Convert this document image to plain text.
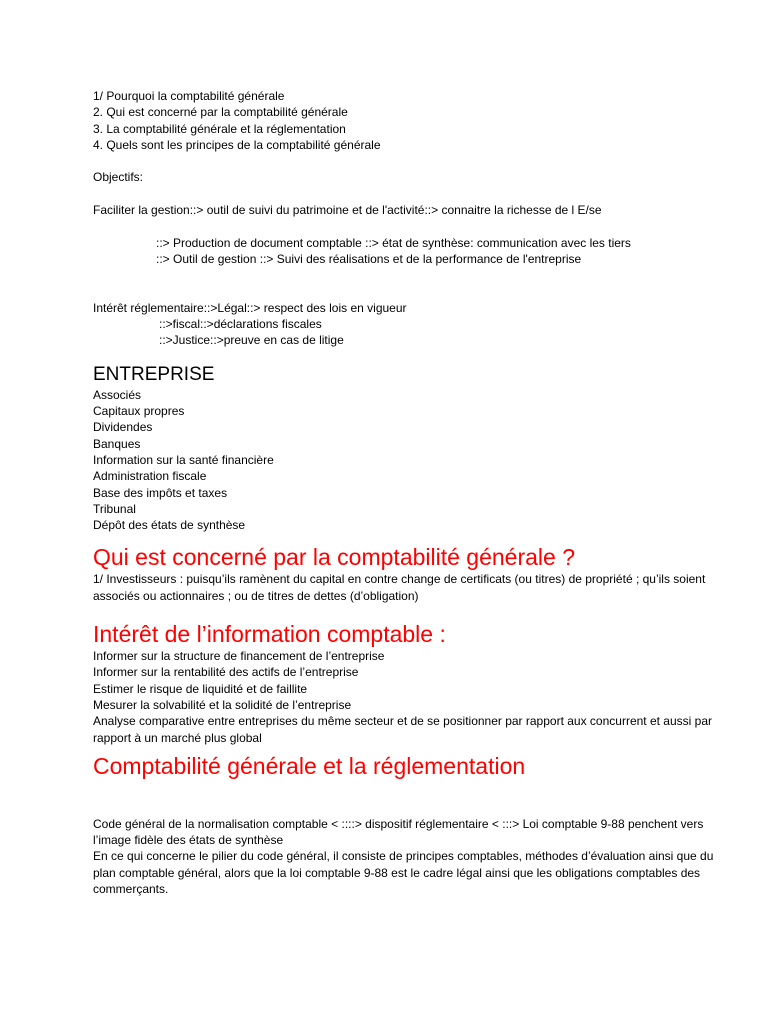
1/ Pourquoi la comptabilité générale
2. Qui est concerné par la comptabilité générale
3. La comptabilité générale et la réglementation
4. Quels sont les principes de la comptabilité générale
Objectifs:
Faciliter la gestion::> outil de suivi du patrimoine et de l'activité::> connaitre la richesse de l E/se
::> Production de document comptable ::> état de synthèse: communication avec les tiers
::> Outil de gestion ::> Suivi des réalisations et de la performance de l'entreprise
Intérêt réglementaire::>Légal::> respect des lois en vigueur
::>fiscal::>déclarations fiscales
::>Justice::>preuve en cas de litige
ENTREPRISE
Associés
Capitaux propres
Dividendes
Banques
Information sur la santé financière
Administration fiscale
Base des impôts et taxes
Tribunal
Dépôt des états de synthèse
Qui est concerné par la comptabilité générale ?
1/ Investisseurs : puisqu’ils ramènent du capital en contre change de certificats (ou titres) de propriété ; qu’ils soient associés ou actionnaires ; ou de titres de dettes (d’obligation)
Intérêt de l’information comptable :
Informer sur la structure de financement de l’entreprise
Informer sur la rentabilité des actifs de l’entreprise
Estimer le risque de liquidité et de faillite
Mesurer la solvabilité et la solidité de l’entreprise
Analyse comparative entre entreprises du même secteur et de se positionner par rapport aux concurrent et aussi par rapport à un marché plus global
Comptabilité générale et la réglementation
Code général de la normalisation comptable < ::::> dispositif réglementaire < :::> Loi comptable 9-88 penchent vers l’image fidèle des états de synthèse
En ce qui concerne le pilier du code général, il consiste de principes comptables, méthodes d’évaluation ainsi que du plan comptable général, alors que la loi comptable 9-88 est le cadre légal ainsi que les obligations comptables des commerçants.
